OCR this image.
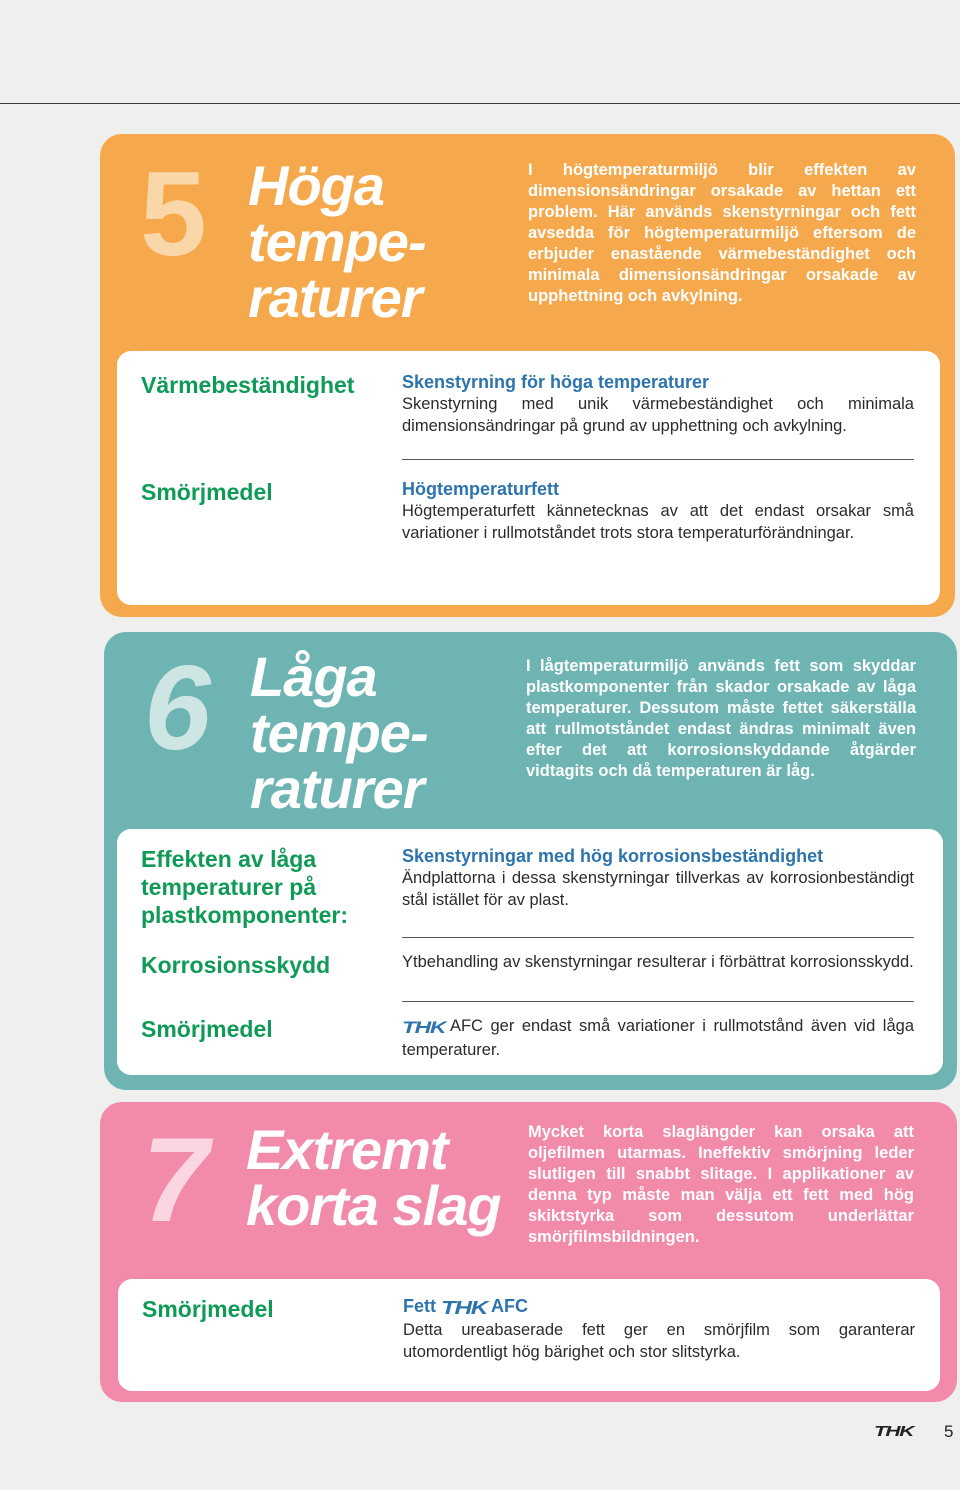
5 Höga
tempe-
raturer

I högtemperaturmiljö blir effekten av dimensionsändringar orsakade av hettan ett problem. Här används skenstyrningar och fett avsedda för högtemperaturmiljö eftersom de erbjuder enastående värmebeständighet och minimala dimensionsändringar orsakade av upphettning och avkylning.

Värmebeständighet	Skenstyrning för höga temperaturer

Skenstyrning med unik värmebeständighet och minimala dimensionsändringar på grund av upphettning och avkylning.

Smörjmedel	Högtemperaturfett

Högtemperaturfett kännetecknas av att det endast orsakar små variationer i rullmotståndet trots stora temperaturförändningar.

6 Låga
tempe-
raturer

I lågtemperaturmiljö används fett som skyddar plastkomponenter från skador orsakade av låga temperaturer. Dessutom måste fettet säkerställa att rullmotståndet endast ändras minimalt även efter det att korrosionskyddande åtgärder vidtagits och då temperaturen är låg.

Effekten av låga temperaturer på plastkomponenter:

Skenstyrningar med hög korrosionsbeständighet

Ändplattorna i dessa skenstyrningar tillverkas av korrosionbeständigt stål istället för av plast.

Korrosionsskydd	Ytbehandling av skenstyrningar resulterar i förbättrat korrosionsskydd.

Smörjmedel	THK AFC ger endast små variationer i rullmotstånd även vid låga temperaturer.

7 Extremt
korta slag

Mycket korta slaglängder kan orsaka att oljefilmen utarmas. Ineffektiv smörjning leder slutligen till snabbt slitage. I applikationer av denna typ måste man välja ett fett med hög skiktstyrka som dessutom underlättar smörjfilmsbildningen.

Smörjmedel	Fett THK AFC

Detta ureabaserade fett ger en smörjfilm som garanterar utomordentligt hög bärighet och stor slitstyrka.

THK 5
